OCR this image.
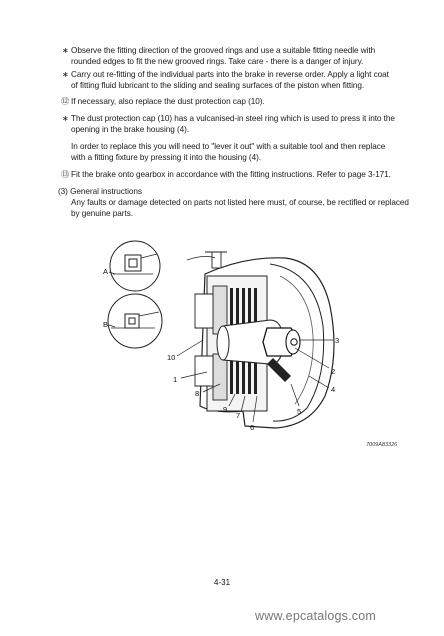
∗ Observe the fitting direction of the grooved rings and use a suitable fitting needle with
rounded edges to fit the new grooved rings. Take care - there is a danger of injury.
∗ Carry out re-fitting of the individual parts into the brake in reverse order. Apply a light coat
of fitting fluid lubricant to the sliding and sealing surfaces of the piston when fitting.
⑫ If necessary, also replace the dust protection cap (10).
∗ The dust protection cap (10) has a vulcanised-in steel ring which is used to press it into the
opening in the brake housing (4).
In order to replace this you will need to "lever it out" with a suitable tool and then replace
with a fitting fixture by pressing it into the housing (4).
⑬ Fit the brake onto gearbox in accordance with the fitting instructions. Refer to page 3-171.
(3) General instructions
Any faults or damage detected on parts not listed here must, of course, be rectified or replaced
by genuine parts.
A
B
10
1
8
9
7
6
3
2
4
5
7009A83326
4-31
www.epcatalogs.com
